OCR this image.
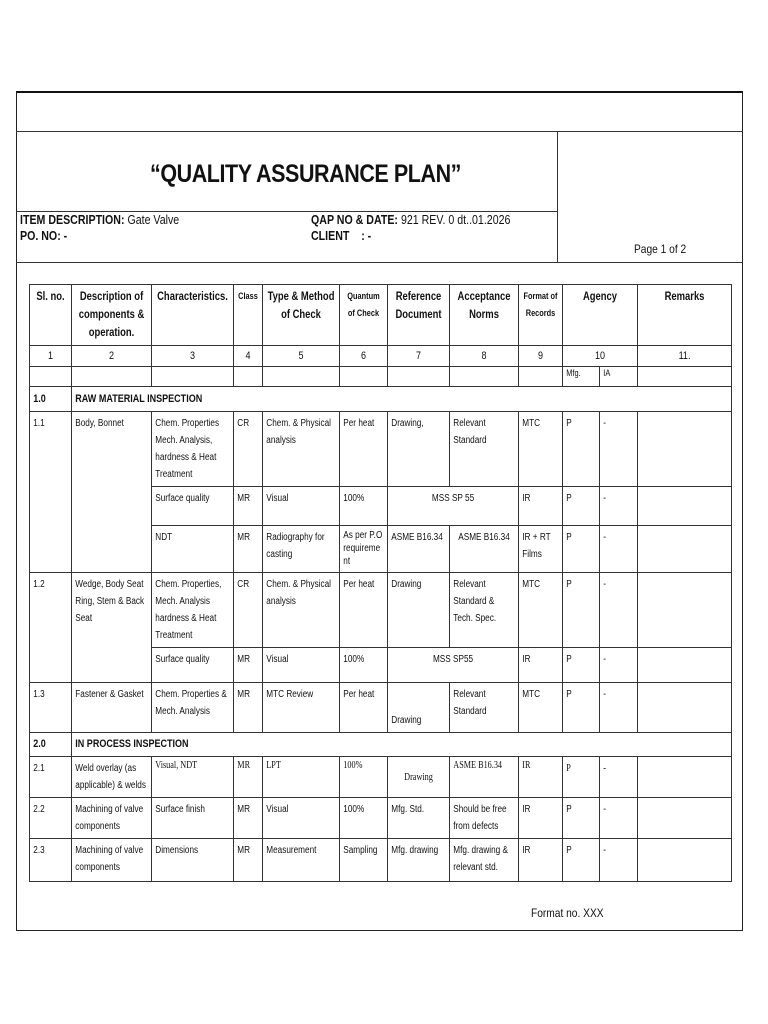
“QUALITY ASSURANCE PLAN”
ITEM DESCRIPTION: Gate Valve
PO. NO: -
QAP NO & DATE: 921 REV. 0 dt..01.2026
CLIENT : -
Page 1 of 2
Sl. no.	Description of components & operation.	Characteristics.	Class	Type & Method of Check	Quantum of Check	Reference Document	Acceptance Norms	Format of Records	Agency		Remarks

1	2	3	4	5	6	7	8	9	10		11.

									Mfg.	IA	

1.0	RAW MATERIAL INSPECTION										

1.1	Body, Bonnet	Chem. Properties Mech. Analysis, hardness & Heat Treatment	CR	Chem. & Physical analysis	Per heat	Drawing,	Relevant Standard	MTC	P	-	

		Surface quality	MR	Visual	100%	MSS SP 55		IR	P	-	

		NDT	MR	Radiography for casting	As per P.O requirement	ASME B16.34	ASME B16.34	IR + RT Films	P	-	

1.2	Wedge, Body Seat Ring, Stem & Back Seat	Chem. Properties, Mech. Analysis hardness & Heat Treatment	CR	Chem. & Physical analysis	Per heat	Drawing	Relevant Standard & Tech. Spec.	MTC	P	-	

		Surface quality	MR	Visual	100%	MSS SP55		IR	P	-	

1.3	Fastener & Gasket	Chem. Properties & Mech. Analysis	MR	MTC Review	Per heat	Drawing	Relevant Standard	MTC	P	-	

2.0	IN PROCESS INSPECTION										

2.1	Weld overlay (as applicable) & welds	Visual, NDT	MR	LPT	100%	Drawing	ASME B16.34	IR	P	-	

2.2	Machining of valve components	Surface finish	MR	Visual	100%	Mfg. Std.	Should be free from defects	IR	P	-	

2.3	Machining of valve components	Dimensions	MR	Measurement	Sampling	Mfg. drawing	Mfg. drawing & relevant std.	IR	P	-	

Format no. XXX
